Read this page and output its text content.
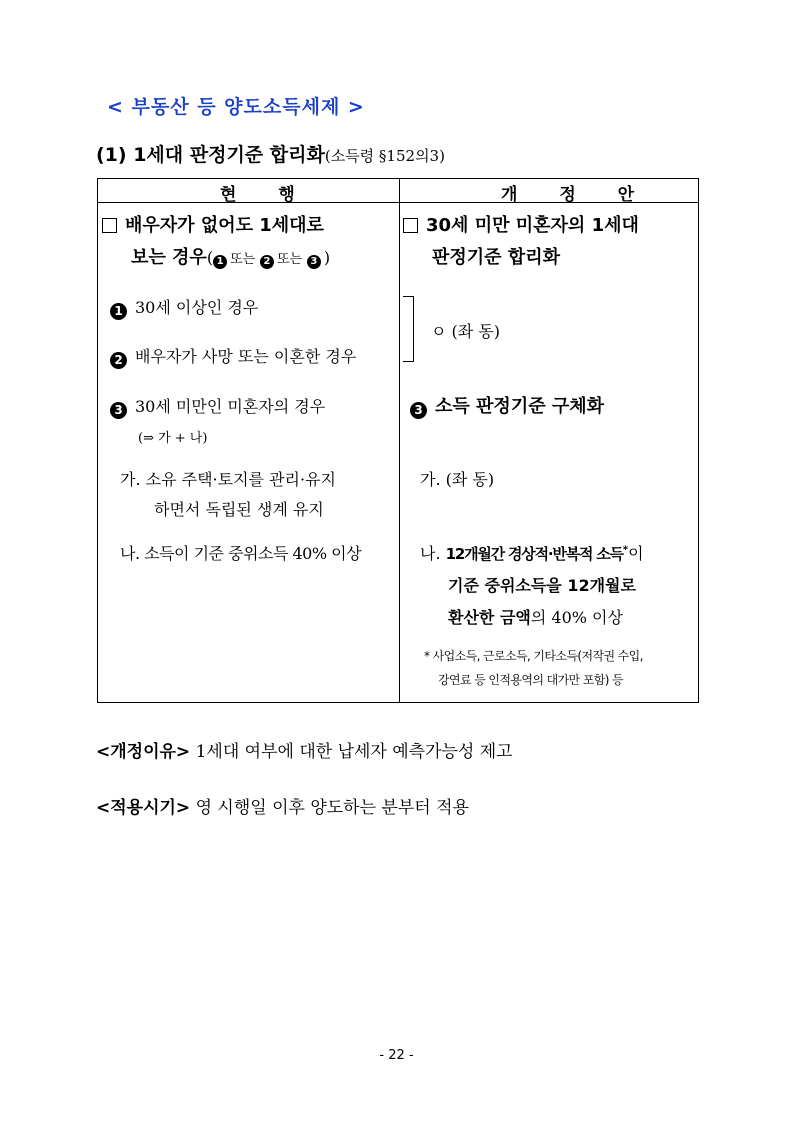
< 부동산 등 양도소득세제 >
(1) 1세대 판정기준 합리화(소득령 §152의3)
현 행	개 정 안
배우자가 없어도 1세대로
보는 경우( 1 또는 2 또는 3 )
1 30세 이상인 경우
2 배우자가 사망 또는 이혼한 경우
3 30세 미만인 미혼자의 경우
(⇒ 가 + 나)
가. 소유 주택·토지를 관리·유지
하면서 독립된 생계 유지
나. 소득이 기준 중위소득 40% 이상
30세 미만 미혼자의 1세대
판정기준 합리화
ㅇ (좌 동)
3 소득 판정기준 구체화
가. (좌 동)
나. 12개월간 경상적·반복적 소득*이
기준 중위소득을 12개월로
환산한 금액의 40% 이상
* 사업소득, 근로소득, 기타소득(저작권 수입,
강연료 등 인적용역의 대가만 포함) 등
<개정이유> 1세대 여부에 대한 납세자 예측가능성 제고
<적용시기> 영 시행일 이후 양도하는 분부터 적용
- 22 -
